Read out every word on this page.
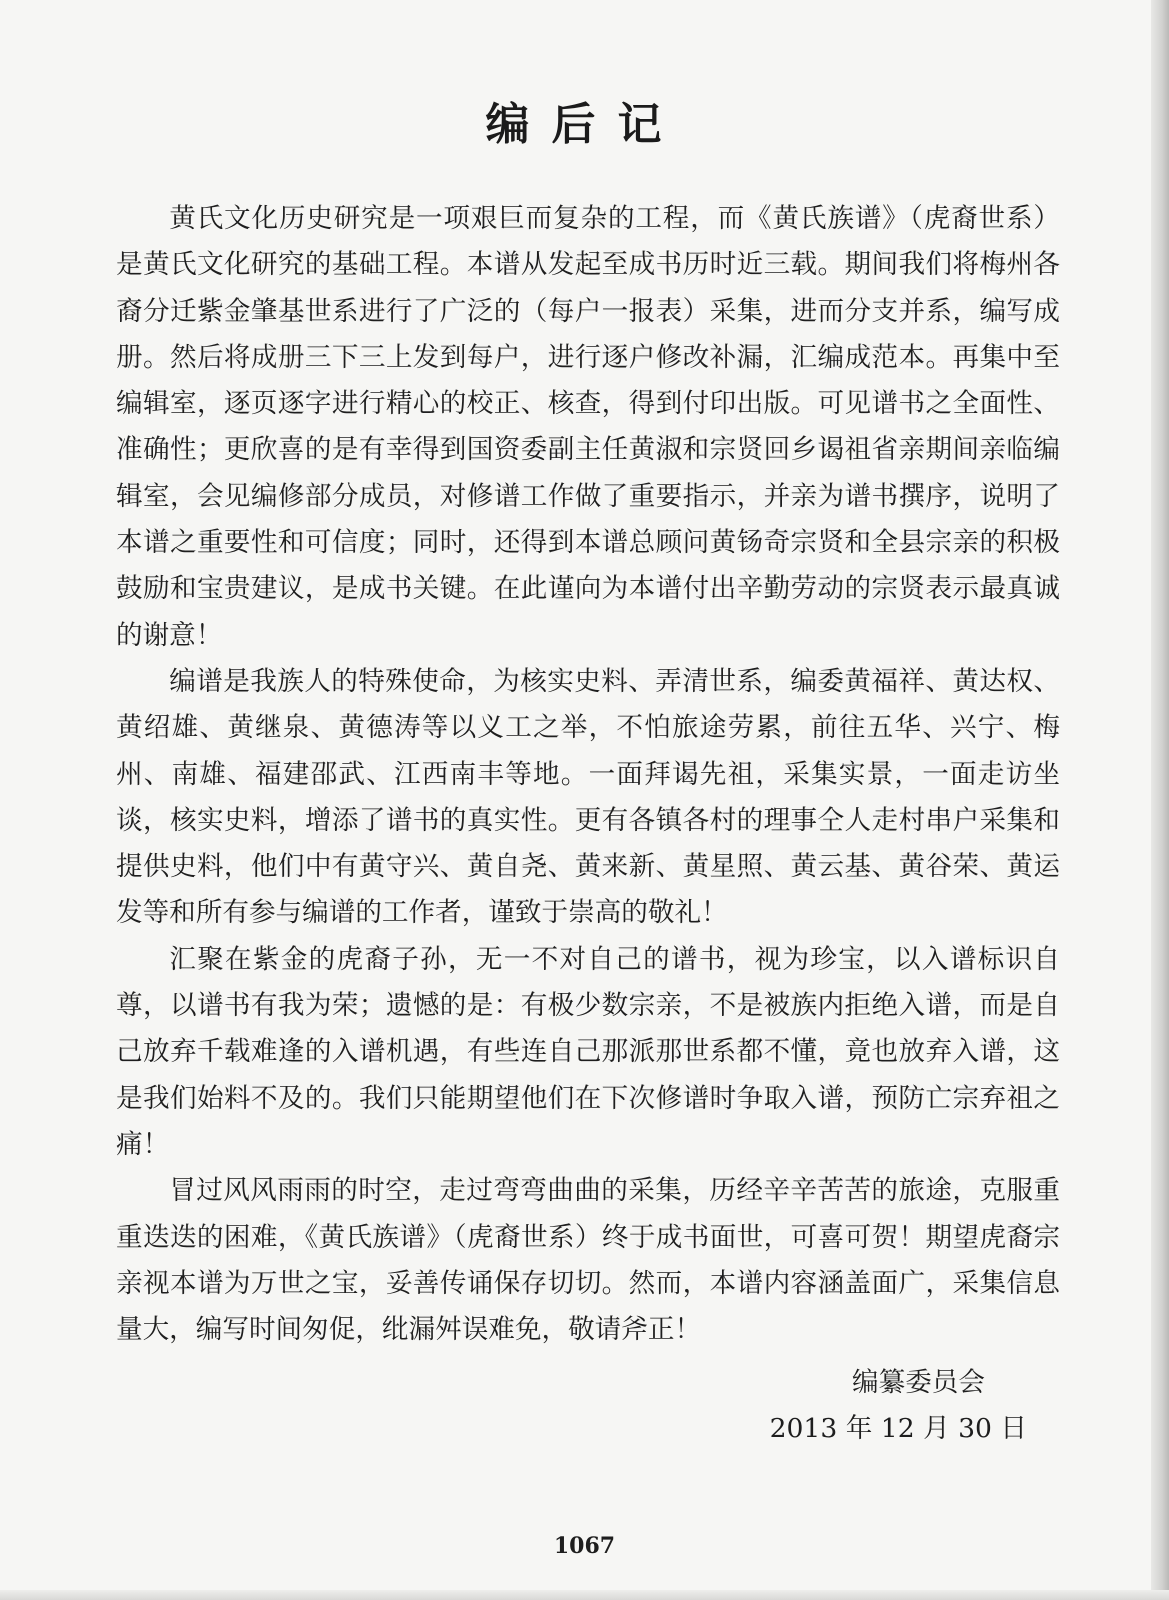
编后记

黄氏文化历史研究是一项艰巨而复杂的工程，而《黄氏族谱》（虎裔世系）是黄氏文化研究的基础工程。本谱从发起至成书历时近三载。期间我们将梅州各裔分迁紫金肇基世系进行了广泛的（每户一报表）采集，进而分支并系，编写成册。然后将成册三下三上发到每户，进行逐户修改补漏，汇编成范本。再集中至编辑室，逐页逐字进行精心的校正、核查，得到付印出版。可见谱书之全面性、准确性；更欣喜的是有幸得到国资委副主任黄淑和宗贤回乡谒祖省亲期间亲临编辑室，会见编修部分成员，对修谱工作做了重要指示，并亲为谱书撰序，说明了本谱之重要性和可信度；同时，还得到本谱总顾问黄钖奇宗贤和全县宗亲的积极鼓励和宝贵建议，是成书关键。在此谨向为本谱付出辛勤劳动的宗贤表示最真诚的谢意！

编谱是我族人的特殊使命，为核实史料、弄清世系，编委黄福祥、黄达权、黄绍雄、黄继泉、黄德涛等以义工之举，不怕旅途劳累，前往五华、兴宁、梅州、南雄、福建邵武、江西南丰等地。一面拜谒先祖，采集实景，一面走访坐谈，核实史料，增添了谱书的真实性。更有各镇各村的理事仝人走村串户采集和提供史料，他们中有黄守兴、黄自尧、黄来新、黄星照、黄云基、黄谷荣、黄运发等和所有参与编谱的工作者，谨致于崇高的敬礼！

汇聚在紫金的虎裔子孙，无一不对自己的谱书，视为珍宝，以入谱标识自尊，以谱书有我为荣；遗憾的是：有极少数宗亲，不是被族内拒绝入谱，而是自己放弃千载难逢的入谱机遇，有些连自己那派那世系都不懂，竟也放弃入谱，这是我们始料不及的。我们只能期望他们在下次修谱时争取入谱，预防亡宗弃祖之痛！

冒过风风雨雨的时空，走过弯弯曲曲的采集，历经辛辛苦苦的旅途，克服重重迭迭的困难，《黄氏族谱》（虎裔世系）终于成书面世，可喜可贺！期望虎裔宗亲视本谱为万世之宝，妥善传诵保存切切。然而，本谱内容涵盖面广，采集信息量大，编写时间匆促，纰漏舛误难免，敬请斧正！

编纂委员会
2013 年 12 月 30 日
1067
